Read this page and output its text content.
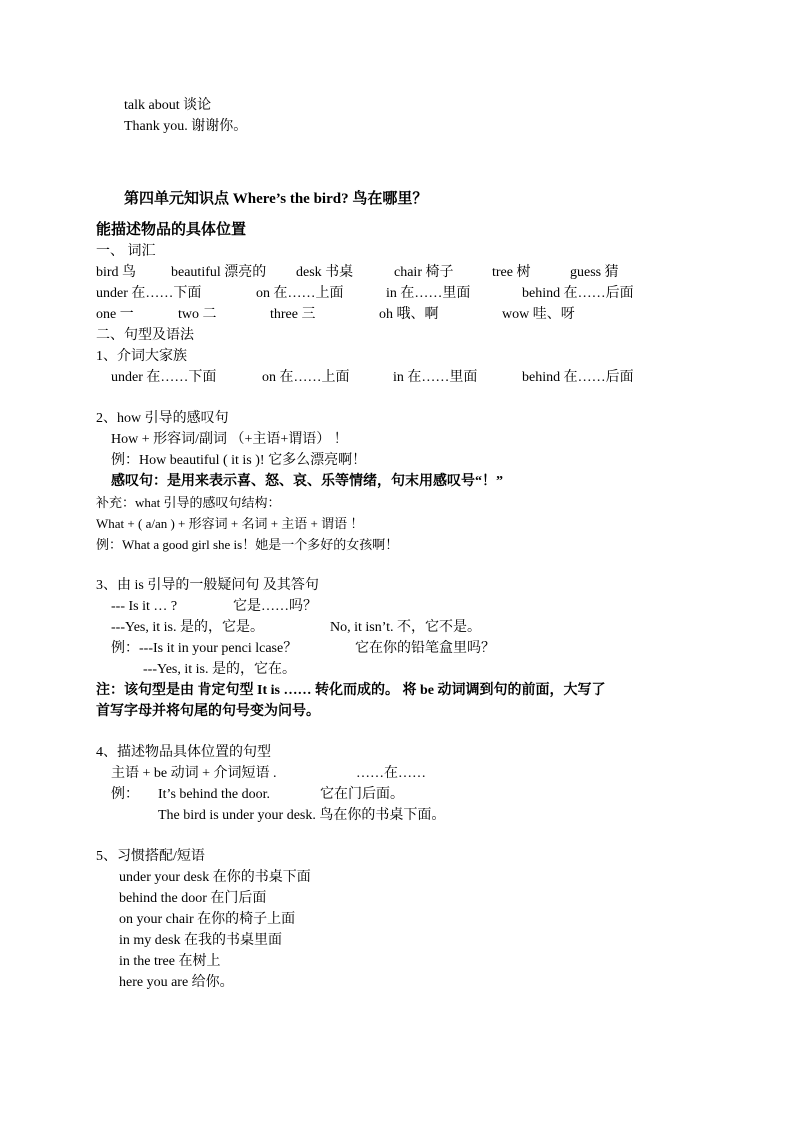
talk about 谈论
Thank you. 谢谢你。
第四单元知识点 Where’s the bird? 鸟在哪里？
能描述物品的具体位置
一、 词汇
bird 鸟 beautiful 漂亮的 desk 书桌	chair 椅子	tree 树	guess 猜
under 在……下面	on 在……上面	in 在……里面	behind 在……后面
one 一	two 二	three 三	oh 哦、啊	wow 哇、呀
二、句型及语法
1、介词大家族
under 在……下面	on 在……上面	in 在……里面	behind 在……后面
2、how 引导的感叹句
How + 形容词/副词 （+主语+谓语） ！
例：How beautiful ( it is )! 它多么漂亮啊！
感叹句：是用来表示喜、怒、哀、乐等情绪，句末用感叹号“！”
补充：what 引导的感叹句结构：
What + ( a/an ) + 形容词 + 名词 + 主语 + 谓语 ！
例：What a good girl she is！她是一个多好的女孩啊！
3、由 is 引导的一般疑问句 及其答句
--- Is it … ?	它是……吗？
---Yes, it is. 是的，它是。	No, it isn’t. 不，它不是。
例：---Is it in your penci lcase？	它在你的铅笔盒里吗？
---Yes, it is. 是的，它在。
注：该句型是由 肯定句型 It is …… 转化而成的。 将 be 动词调到句的前面，大写了
首写字母并将句尾的句号变为问号。
4、描述物品具体位置的句型
主语 + be 动词 + 介词短语 .	……在……
例： It’s behind the door.	它在门后面。
The bird is under your desk. 鸟在你的书桌下面。
5、习惯搭配/短语
under your desk 在你的书桌下面
behind the door 在门后面
on your chair 在你的椅子上面
in my desk 在我的书桌里面
in the tree 在树上
here you are 给你。
